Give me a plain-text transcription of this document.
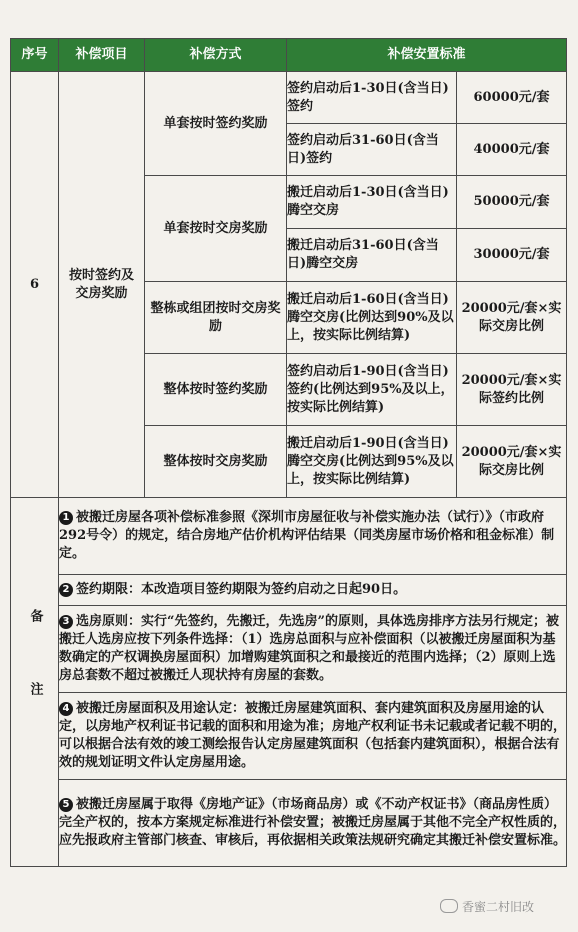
序号	补偿项目	补偿方式	补偿安置标准	
6	按时签约及交房奖励	单套按时签约奖励	签约启动后1-30日(含当日)签约	60000元/套
			签约启动后31-60日(含当日)签约	40000元/套
		单套按时交房奖励	搬迁启动后1-30日(含当日)腾空交房	50000元/套
			搬迁启动后31-60日(含当日)腾空交房	30000元/套
		整栋或组团按时交房奖励	搬迁启动后1-60日(含当日)腾空交房(比例达到90%及以上，按实际比例结算)	20000元/套×实际交房比例
		整体按时签约奖励	签约启动后1-90日(含当日)签约(比例达到95%及以上，按实际比例结算)	20000元/套×实际签约比例
		整体按时交房奖励	搬迁启动后1-90日(含当日)腾空交房(比例达到95%及以上，按实际比例结算)	20000元/套×实际交房比例
备注	1 被搬迁房屋各项补偿标准参照《深圳市房屋征收与补偿实施办法（试行）》（市政府292号令）的规定，结合房地产估价机构评估结果（同类房屋市场价格和租金标准）制定。			
	2 签约期限：本改造项目签约期限为签约启动之日起90日。			
	3 选房原则：实行“先签约，先搬迁，先选房”的原则，具体选房排序方法另行规定；被搬迁人选房应按下列条件选择：（1）选房总面积与应补偿面积（以被搬迁房屋面积为基数确定的产权调换房屋面积）加增购建筑面积之和最接近的范围内选择；（2）原则上选房总套数不超过被搬迁人现状持有房屋的套数。			
	4 被搬迁房屋面积及用途认定：被搬迁房屋建筑面积、套内建筑面积及房屋用途的认定，以房地产权利证书记载的面积和用途为准；房地产权利证书未记载或者记载不明的，可以根据合法有效的竣工测绘报告认定房屋建筑面积（包括套内建筑面积），根据合法有效的规划证明文件认定房屋用途。			
	5 被搬迁房屋属于取得《房地产证》（市场商品房）或《不动产权证书》（商品房性质）完全产权的，按本方案规定标准进行补偿安置；被搬迁房屋属于其他不完全产权性质的，应先报政府主管部门核查、审核后，再依据相关政策法规研究确定其搬迁补偿安置标准。			
香蜜二村旧改
